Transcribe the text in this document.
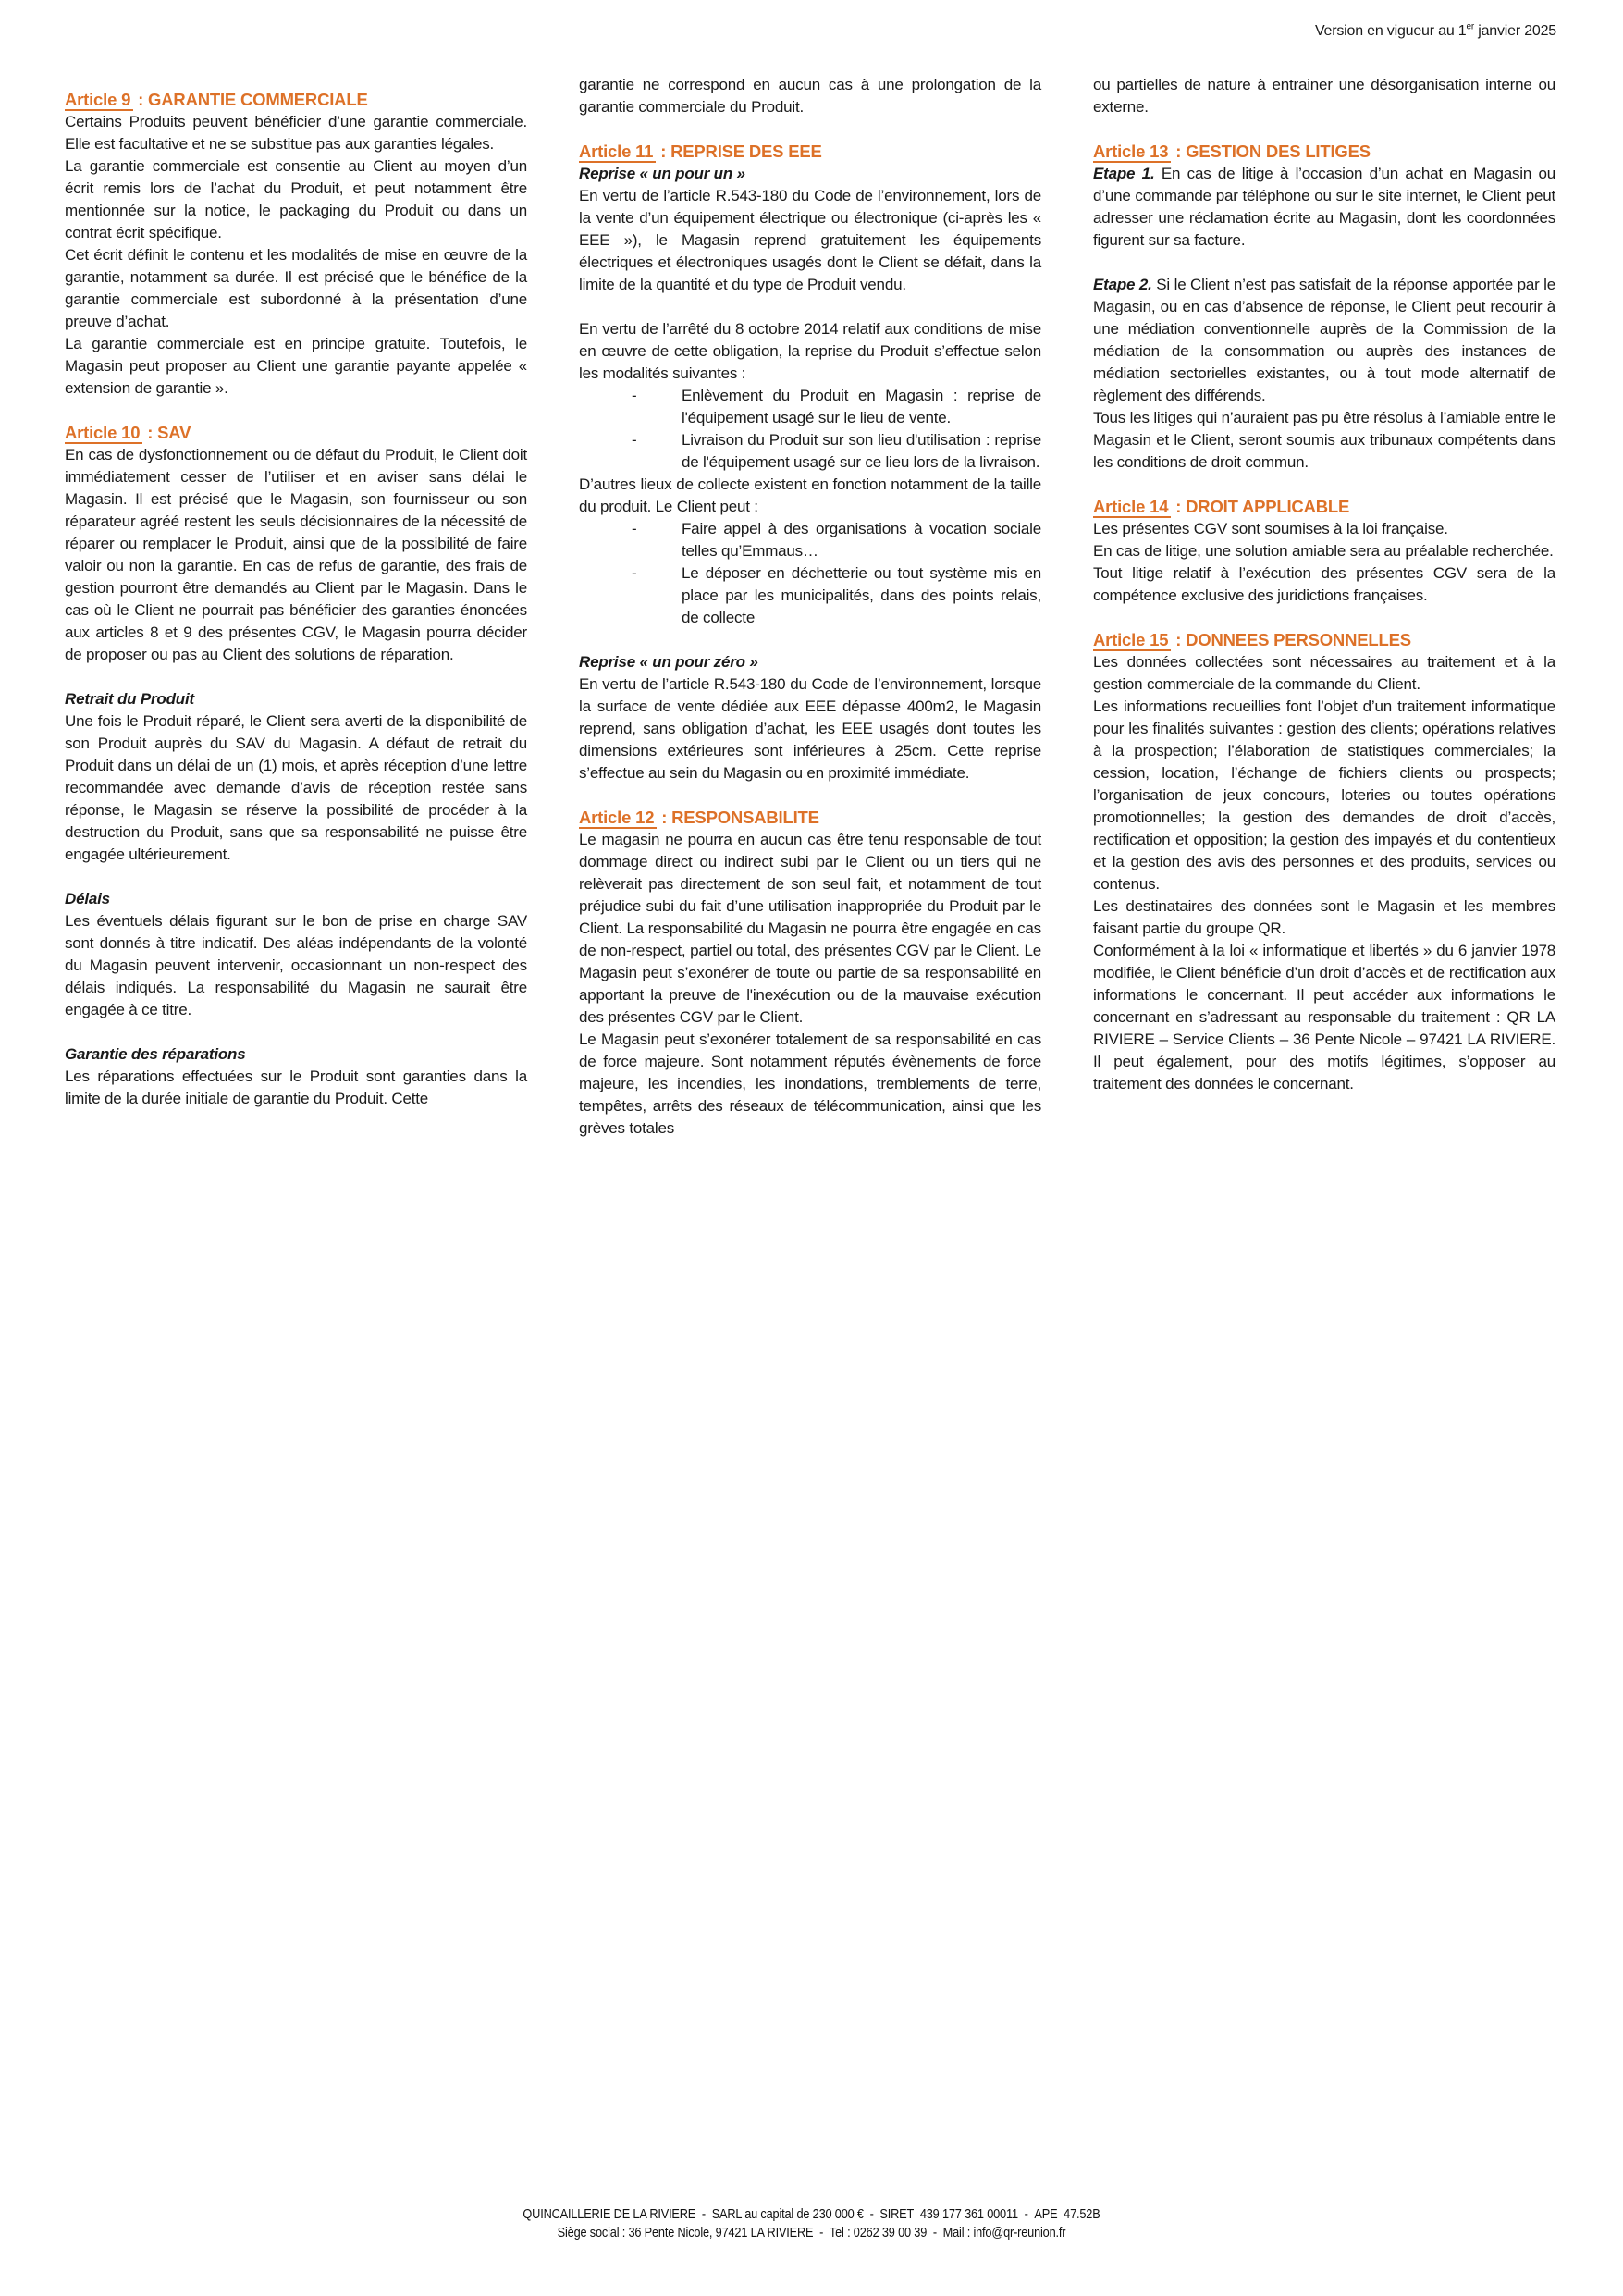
Version en vigueur au 1er janvier 2025

Article 9 : GARANTIE COMMERCIALE

Certains Produits peuvent bénéficier d’une garantie commerciale. Elle est facultative et ne se substitue pas aux garanties légales.

La garantie commerciale est consentie au Client au moyen d’un écrit remis lors de l’achat du Produit, et peut notamment être mentionnée sur la notice, le packaging du Produit ou dans un contrat écrit spécifique.

Cet écrit définit le contenu et les modalités de mise en œuvre de la garantie, notamment sa durée. Il est précisé que le bénéfice de la garantie commerciale est subordonné à la présentation d’une preuve d’achat.

La garantie commerciale est en principe gratuite. Toutefois, le Magasin peut proposer au Client une garantie payante appelée « extension de garantie ».

Article 10 : SAV

En cas de dysfonctionnement ou de défaut du Produit, le Client doit immédiatement cesser de l’utiliser et en aviser sans délai le Magasin. Il est précisé que le Magasin, son fournisseur ou son réparateur agréé restent les seuls décisionnaires de la nécessité de réparer ou remplacer le Produit, ainsi que de la possibilité de faire valoir ou non la garantie. En cas de refus de garantie, des frais de gestion pourront être demandés au Client par le Magasin. Dans le cas où le Client ne pourrait pas bénéficier des garanties énoncées aux articles 8 et 9 des présentes CGV, le Magasin pourra décider de proposer ou pas au Client des solutions de réparation.

Retrait du Produit

Une fois le Produit réparé, le Client sera averti de la disponibilité de son Produit auprès du SAV du Magasin. A défaut de retrait du Produit dans un délai de un (1) mois, et après réception d’une lettre recommandée avec demande d’avis de réception restée sans réponse, le Magasin se réserve la possibilité de procéder à la destruction du Produit, sans que sa responsabilité ne puisse être engagée ultérieurement.

Délais

Les éventuels délais figurant sur le bon de prise en charge SAV sont donnés à titre indicatif. Des aléas indépendants de la volonté du Magasin peuvent intervenir, occasionnant un non-respect des délais indiqués. La responsabilité du Magasin ne saurait être engagée à ce titre.

Garantie des réparations

Les réparations effectuées sur le Produit sont garanties dans la limite de la durée initiale de garantie du Produit. Cette

garantie ne correspond en aucun cas à une prolongation de la garantie commerciale du Produit.

Article 11 : REPRISE DES EEE

Reprise « un pour un »

En vertu de l’article R.543-180 du Code de l’environnement, lors de la vente d’un équipement électrique ou électronique (ci-après les « EEE »), le Magasin reprend gratuitement les équipements électriques et électroniques usagés dont le Client se défait, dans la limite de la quantité et du type de Produit vendu.

En vertu de l’arrêté du 8 octobre 2014 relatif aux conditions de mise en œuvre de cette obligation, la reprise du Produit s’effectue selon les modalités suivantes :

-	Enlèvement du Produit en Magasin : reprise de l'équipement usagé sur le lieu de vente.
-	Livraison du Produit sur son lieu d'utilisation : reprise de l'équipement usagé sur ce lieu lors de la livraison.

D’autres lieux de collecte existent en fonction notamment de la taille du produit. Le Client peut :

-	Faire appel à des organisations à vocation sociale telles qu’Emmaus…
-	Le déposer en déchetterie ou tout système mis en place par les municipalités, dans des points relais, de collecte

Reprise « un pour zéro »

En vertu de l’article R.543-180 du Code de l’environnement, lorsque la surface de vente dédiée aux EEE dépasse 400m2, le Magasin reprend, sans obligation d’achat, les EEE usagés dont toutes les dimensions extérieures sont inférieures à 25cm. Cette reprise s’effectue au sein du Magasin ou en proximité immédiate.

Article 12 : RESPONSABILITE

Le magasin ne pourra en aucun cas être tenu responsable de tout dommage direct ou indirect subi par le Client ou un tiers qui ne relèverait pas directement de son seul fait, et notamment de tout préjudice subi du fait d’une utilisation inappropriée du Produit par le Client. La responsabilité du Magasin ne pourra être engagée en cas de non-respect, partiel ou total, des présentes CGV par le Client. Le Magasin peut s’exonérer de toute ou partie de sa responsabilité en apportant la preuve de l'inexécution ou de la mauvaise exécution des présentes CGV par le Client.

Le Magasin peut s’exonérer totalement de sa responsabilité en cas de force majeure. Sont notamment réputés évènements de force majeure, les incendies, les inondations, tremblements de terre, tempêtes, arrêts des réseaux de télécommunication, ainsi que les grèves totales

ou partielles de nature à entrainer une désorganisation interne ou externe.

Article 13 : GESTION DES LITIGES

Etape 1. En cas de litige à l’occasion d’un achat en Magasin ou d’une commande par téléphone ou sur le site internet, le Client peut adresser une réclamation écrite au Magasin, dont les coordonnées figurent sur sa facture.

Etape 2. Si le Client n’est pas satisfait de la réponse apportée par le Magasin, ou en cas d’absence de réponse, le Client peut recourir à une médiation conventionnelle auprès de la Commission de la médiation de la consommation ou auprès des instances de médiation sectorielles existantes, ou à tout mode alternatif de règlement des différends.

Tous les litiges qui n’auraient pas pu être résolus à l’amiable entre le Magasin et le Client, seront soumis aux tribunaux compétents dans les conditions de droit commun.

Article 14 : DROIT APPLICABLE

Les présentes CGV sont soumises à la loi française.

En cas de litige, une solution amiable sera au préalable recherchée.

Tout litige relatif à l’exécution des présentes CGV sera de la compétence exclusive des juridictions françaises.

Article 15 : DONNEES PERSONNELLES

Les données collectées sont nécessaires au traitement et à la gestion commerciale de la commande du Client.

Les informations recueillies font l’objet d’un traitement informatique pour les finalités suivantes : gestion des clients; opérations relatives à la prospection; l’élaboration de statistiques commerciales; la cession, location, l’échange de fichiers clients ou prospects; l’organisation de jeux concours, loteries ou toutes opérations promotionnelles; la gestion des demandes de droit d’accès, rectification et opposition; la gestion des impayés et du contentieux et la gestion des avis des personnes et des produits, services ou contenus.

Les destinataires des données sont le Magasin et les membres faisant partie du groupe QR.

Conformément à la loi « informatique et libertés » du 6 janvier 1978 modifiée, le Client bénéficie d’un droit d’accès et de rectification aux informations le concernant. Il peut accéder aux informations le concernant en s’adressant au responsable du traitement : QR LA RIVIERE – Service Clients – 36 Pente Nicole – 97421 LA RIVIERE. Il peut également, pour des motifs légitimes, s’opposer au traitement des données le concernant.

QUINCAILLERIE DE LA RIVIERE  -  SARL au capital de 230 000 €  -  SIRET  439 177 361 00011  -  APE  47.52B
Siège social : 36 Pente Nicole, 97421 LA RIVIERE  -  Tel : 0262 39 00 39  -  Mail : info@qr-reunion.fr
